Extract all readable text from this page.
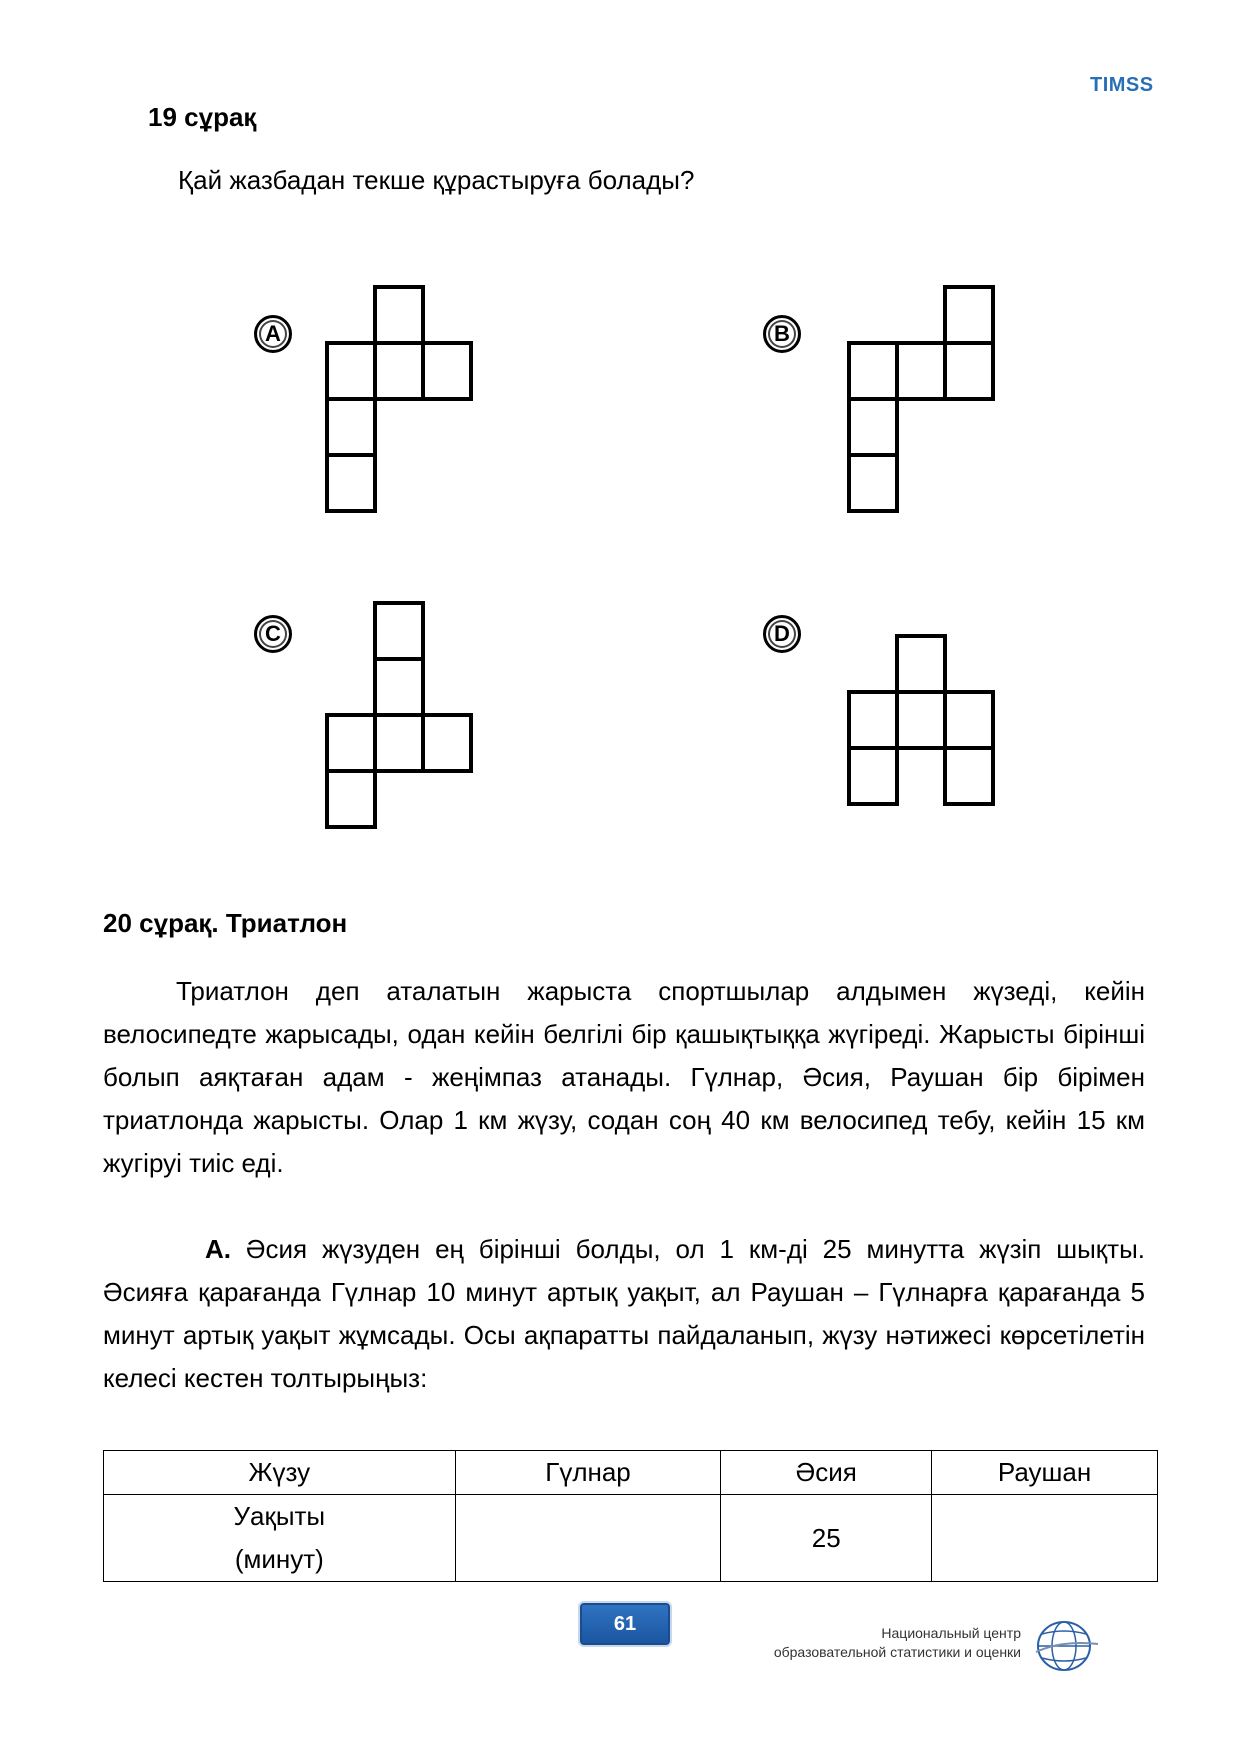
TIMSS
19 сұрақ
Қай жазбадан текше құрастыруға болады?
A	B
C	D
20 сұрақ. Триатлон
Триатлон деп аталатын жарыста спортшылар алдымен жүзеді, кейін велосипедте жарысады, одан кейін белгілі бір қашықтыққа жүгіреді. Жарысты бірінші болып аяқтаған адам - жеңімпаз атанады. Гүлнар, Әсия, Раушан бір бірімен триатлонда жарысты. Олар 1 км жүзу, содан соң 40 км велосипед тебу, кейін 15 км жугіруі тиіс еді.
А. Әсия жүзуден ең бірінші болды, ол 1 км-ді 25 минутта жүзіп шықты. Әсияға қарағанда Гүлнар 10 минут артық уақыт, ал Раушан – Гүлнарға қарағанда 5 минут артық уақыт жұмсады. Осы ақпаратты пайдаланып, жүзу нәтижесі көрсетілетін келесі кестен толтырыңыз:
Жүзу	Гүлнар	Әсия	Раушан

Уақыты
(минут)		25	
61	Национальный центр
образовательной статистики и оценки
